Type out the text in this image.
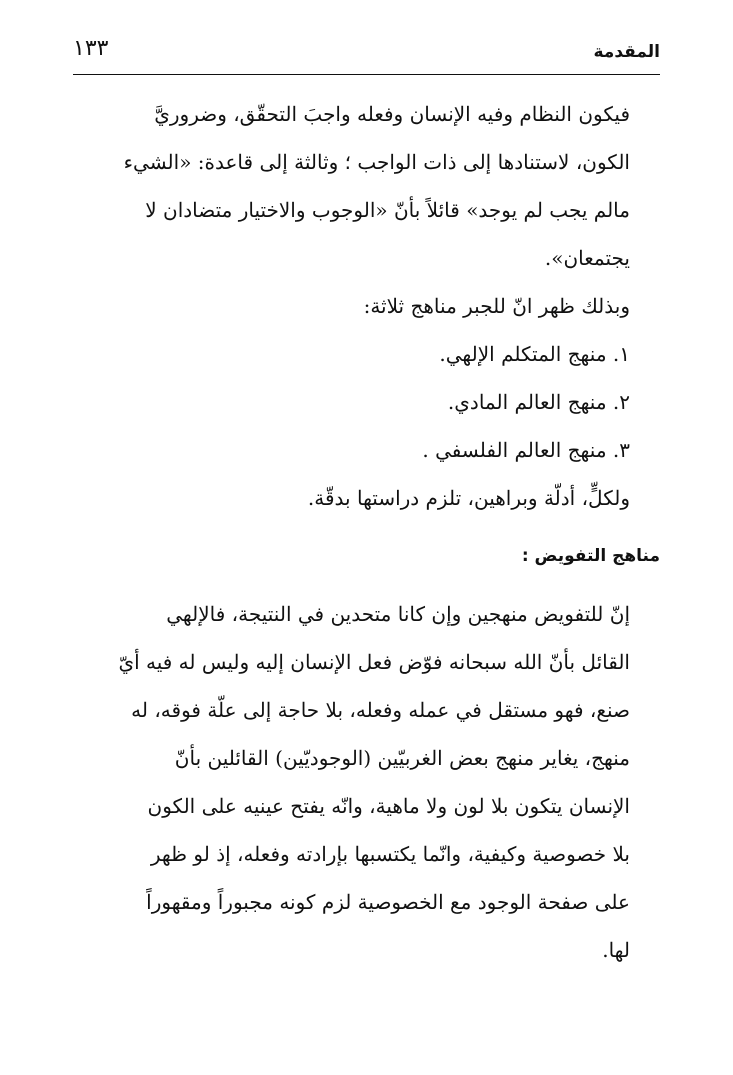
المقدمة
١٣٣
فيكون النظام وفيه الإنسان وفعله واجبَ التحقّق، وضروريَّ
الكون، لاستنادها إلى ذات الواجب ؛ وثالثة إلى قاعدة: «الشيء
مالم يجب لم يوجد» قائلاً بأنّ «الوجوب والاختيار متضادان لا
يجتمعان».
وبذلك ظهر انّ للجبر مناهج ثلاثة:
١. منهج المتكلم الإلهي.
٢. منهج العالم المادي.
٣. منهج العالم الفلسفي .
ولكلٍّ، أدلّة وبراهين، تلزم دراستها بدقّة.
مناهج التفويض :
إنّ للتفويض منهجين وإن كانا متحدين في النتيجة، فالإلهي
القائل بأنّ الله سبحانه فوّض فعل الإنسان إليه وليس له فيه أيّ
صنع، فهو مستقل في عمله وفعله، بلا حاجة إلى علّة فوقه، له
منهج، يغاير منهج بعض الغربيّين (الوجوديّين) القائلين بأنّ
الإنسان يتكون بلا لون ولا ماهية، وانّه يفتح عينيه على الكون
بلا خصوصية وكيفية، وانّما يكتسبها بإرادته وفعله، إذ لو ظهر
على صفحة الوجود مع الخصوصية لزم كونه مجبوراً ومقهوراً
لها.
